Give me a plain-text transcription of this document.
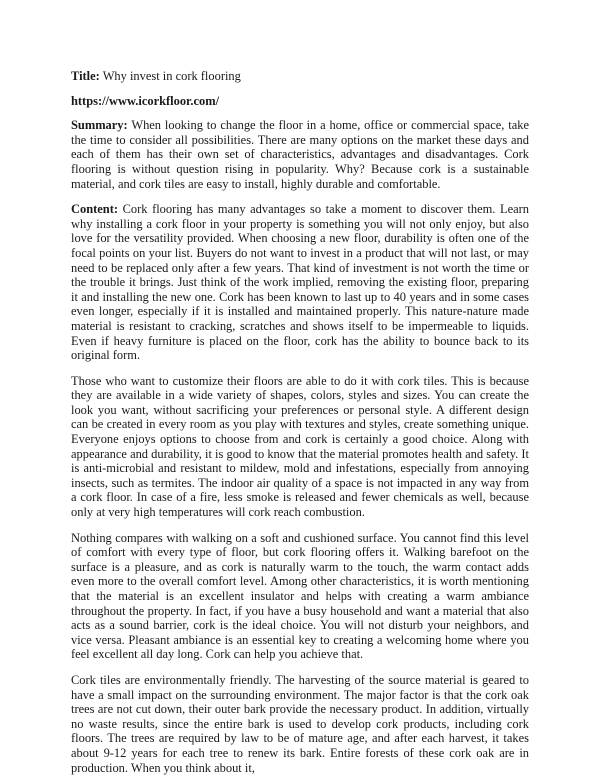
Title: Why invest in cork flooring
https://www.icorkfloor.com/

Summary: When looking to change the floor in a home, office or commercial space, take the time to consider all possibilities. There are many options on the market these days and each of them has their own set of characteristics, advantages and disadvantages. Cork flooring is without question rising in popularity. Why? Because cork is a sustainable material, and cork tiles are easy to install, highly durable and comfortable.

Content: Cork flooring has many advantages so take a moment to discover them. Learn why installing a cork floor in your property is something you will not only enjoy, but also love for the versatility provided. When choosing a new floor, durability is often one of the focal points on your list. Buyers do not want to invest in a product that will not last, or may need to be replaced only after a few years. That kind of investment is not worth the time or the trouble it brings. Just think of the work implied, removing the existing floor, preparing it and installing the new one. Cork has been known to last up to 40 years and in some cases even longer, especially if it is installed and maintained properly. This nature-nature made material is resistant to cracking, scratches and shows itself to be impermeable to liquids. Even if heavy furniture is placed on the floor, cork has the ability to bounce back to its original form.

Those who want to customize their floors are able to do it with cork tiles. This is because they are available in a wide variety of shapes, colors, styles and sizes. You can create the look you want, without sacrificing your preferences or personal style. A different design can be created in every room as you play with textures and styles, create something unique. Everyone enjoys options to choose from and cork is certainly a good choice. Along with appearance and durability, it is good to know that the material promotes health and safety. It is anti-microbial and resistant to mildew, mold and infestations, especially from annoying insects, such as termites. The indoor air quality of a space is not impacted in any way from a cork floor. In case of a fire, less smoke is released and fewer chemicals as well, because only at very high temperatures will cork reach combustion.

Nothing compares with walking on a soft and cushioned surface. You cannot find this level of comfort with every type of floor, but cork flooring offers it. Walking barefoot on the surface is a pleasure, and as cork is naturally warm to the touch, the warm contact adds even more to the overall comfort level. Among other characteristics, it is worth mentioning that the material is an excellent insulator and helps with creating a warm ambiance throughout the property. In fact, if you have a busy household and want a material that also acts as a sound barrier, cork is the ideal choice. You will not disturb your neighbors, and vice versa. Pleasant ambiance is an essential key to creating a welcoming home where you feel excellent all day long. Cork can help you achieve that.

Cork tiles are environmentally friendly. The harvesting of the source material is geared to have a small impact on the surrounding environment. The major factor is that the cork oak trees are not cut down, their outer bark provide the necessary product. In addition, virtually no waste results, since the entire bark is used to develop cork products, including cork floors. The trees are required by law to be of mature age, and after each harvest, it takes about 9-12 years for each tree to renew its bark. Entire forests of these cork oak are in production. When you think about it,
